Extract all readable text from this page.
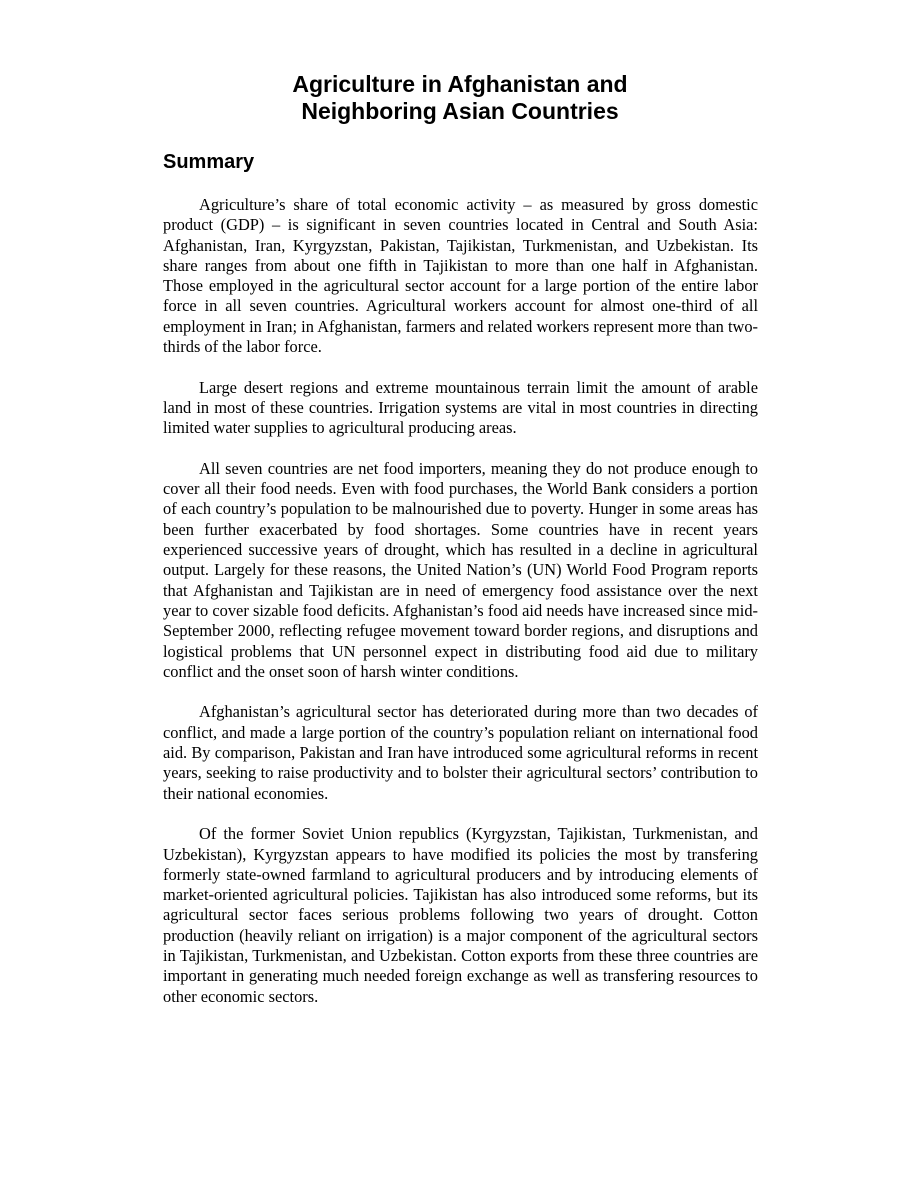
Agriculture in Afghanistan and
Neighboring Asian Countries
Summary

Agriculture’s share of total economic activity – as measured by gross domestic product (GDP) – is significant in seven countries located in Central and South Asia: Afghanistan, Iran, Kyrgyzstan, Pakistan, Tajikistan, Turkmenistan, and Uzbekistan. Its share ranges from about one fifth in Tajikistan to more than one half in Afghanistan. Those employed in the agricultural sector account for a large portion of the entire labor force in all seven countries. Agricultural workers account for almost one-third of all employment in Iran; in Afghanistan, farmers and related workers represent more than two-thirds of the labor force.

Large desert regions and extreme mountainous terrain limit the amount of arable land in most of these countries. Irrigation systems are vital in most countries in directing limited water supplies to agricultural producing areas.

All seven countries are net food importers, meaning they do not produce enough to cover all their food needs. Even with food purchases, the World Bank considers a portion of each country’s population to be malnourished due to poverty. Hunger in some areas has been further exacerbated by food shortages. Some countries have in recent years experienced successive years of drought, which has resulted in a decline in agricultural output. Largely for these reasons, the United Nation’s (UN) World Food Program reports that Afghanistan and Tajikistan are in need of emergency food assistance over the next year to cover sizable food deficits. Afghanistan’s food aid needs have increased since mid-September 2000, reflecting refugee movement toward border regions, and disruptions and logistical problems that UN personnel expect in distributing food aid due to military conflict and the onset soon of harsh winter conditions.

Afghanistan’s agricultural sector has deteriorated during more than two decades of conflict, and made a large portion of the country’s population reliant on international food aid. By comparison, Pakistan and Iran have introduced some agricultural reforms in recent years, seeking to raise productivity and to bolster their agricultural sectors’ contribution to their national economies.

Of the former Soviet Union republics (Kyrgyzstan, Tajikistan, Turkmenistan, and Uzbekistan), Kyrgyzstan appears to have modified its policies the most by transfering formerly state-owned farmland to agricultural producers and by introducing elements of market-oriented agricultural policies. Tajikistan has also introduced some reforms, but its agricultural sector faces serious problems following two years of drought. Cotton production (heavily reliant on irrigation) is a major component of the agricultural sectors in Tajikistan, Turkmenistan, and Uzbekistan. Cotton exports from these three countries are important in generating much needed foreign exchange as well as transfering resources to other economic sectors.
